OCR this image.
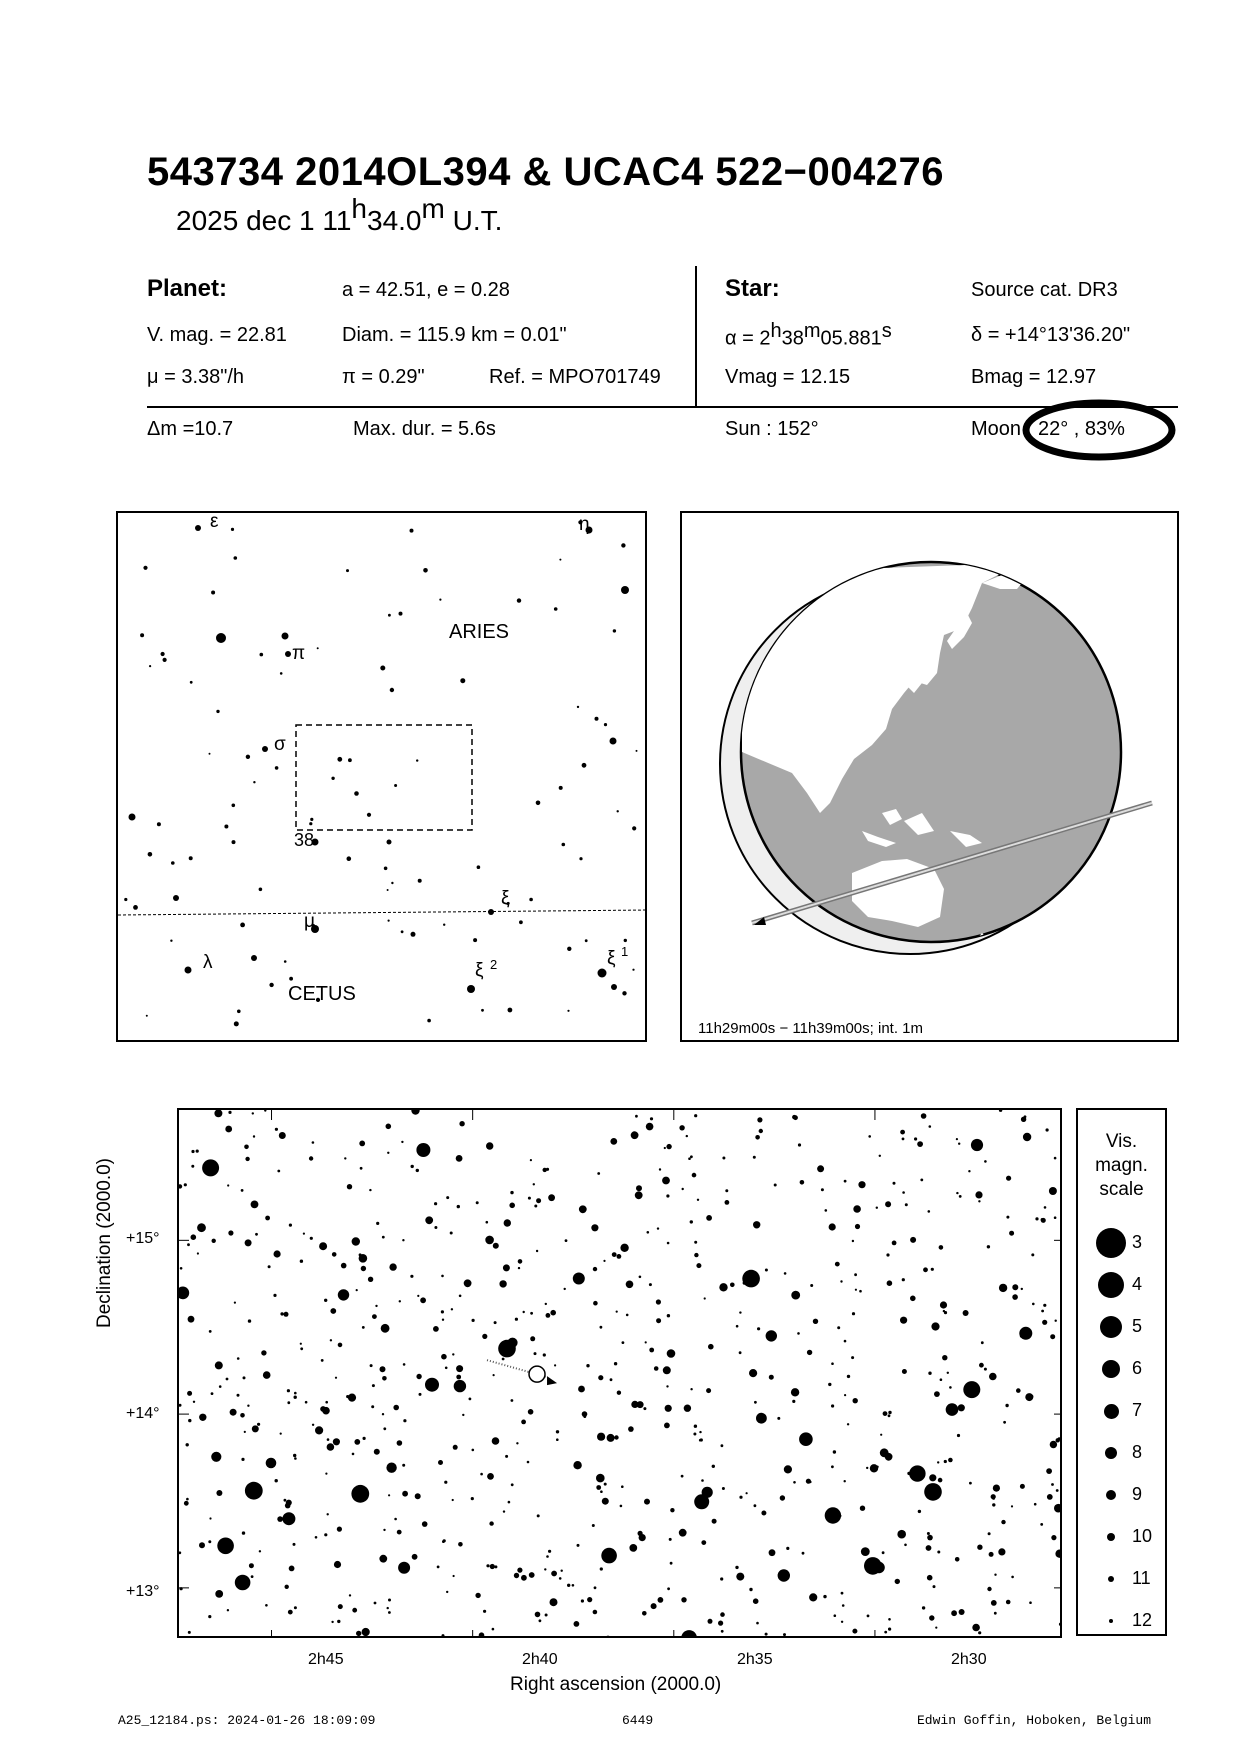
543734 2014OL394 & UCAC4 522−004276
2025 dec 1 11$^h$34.0$^m$ U.T.
Planet:	a = 42.51, e = 0.28
V. mag. = 22.81	Diam. = 115.9 km = 0.01"
μ = 3.38"/h	π = 0.29"	Ref. = MPO701749
Star:	Source cat. DR3
$\alpha = 2^h38^m05.881^s$	δ = +14°13'36.20"
Vmag = 12.15	Bmag = 12.97
Δm =10.7	Max. dur. = 5.6s	Sun : 152°	Moon 22° , 83%
ε	η
ARIES
π
σ
38
ξ
μ
λ	ξ 2	ξ 1
CETUS
11h29m00s − 11h39m00s; int. 1m
Declination (2000.0) +15°
+14°
+13°
2h45	2h40	2h35	2h30
Right ascension (2000.0)
Vis.
magn.
scale
3
4
5
6
7
8
9
10
11
12
A25_12184.ps: 2024-01-26 18:09:09	6449	Edwin Goffin, Hoboken, Belgium
